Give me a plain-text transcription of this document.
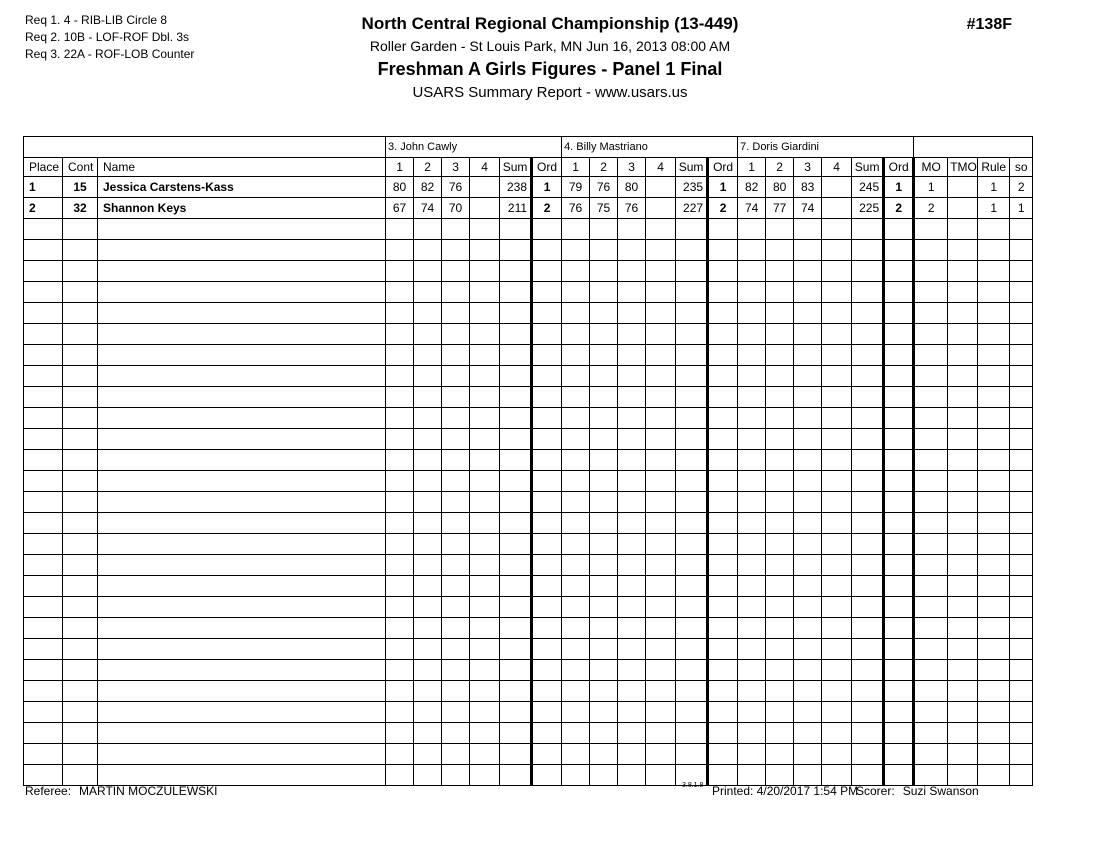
Req 1. 4 - RIB-LIB Circle 8
Req 2. 10B - LOF-ROF Dbl. 3s
Req 3. 22A - ROF-LOB Counter
North Central Regional Championship (13-449)
Roller Garden - St Louis Park, MN Jun 16, 2013 08:00 AM
Freshman A Girls Figures - Panel 1 Final
USARS Summary Report - www.usars.us
#138F
			3. John Cawly						4. Billy Mastriano						7. Doris Giardini									
Place	Cont	Name	1	2	3	4	Sum	Ord	1	2	3	4	Sum	Ord	1	2	3	4	Sum	Ord	MO	TMO	Rule	so
1	15	Jessica Carstens-Kass	80	82	76		238	1	79	76	80		235	1	82	80	83		245	1	1		1	2
2	32	Shannon Keys	67	74	70		211	2	76	75	76		227	2	74	77	74		225	2	2		1	1

Referee: MARTIN MOCZULEWSKI	3.8.1.8 Printed: 4/20/2017 1:54 PM
Scorer: Suzi Swanson
